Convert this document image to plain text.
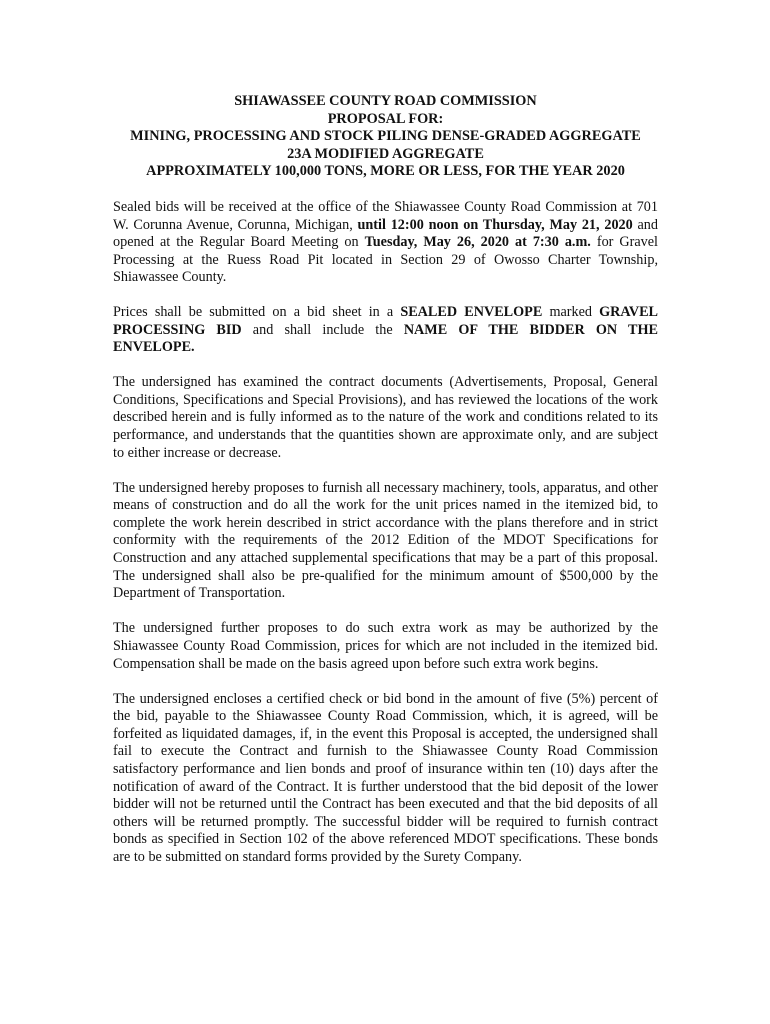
SHIAWASSEE COUNTY ROAD COMMISSION
PROPOSAL FOR:
MINING, PROCESSING AND STOCK PILING DENSE-GRADED AGGREGATE
23A MODIFIED AGGREGATE
APPROXIMATELY 100,000 TONS, MORE OR LESS, FOR THE YEAR 2020

Sealed bids will be received at the office of the Shiawassee County Road Commission at 701 W. Corunna Avenue, Corunna, Michigan, until 12:00 noon on Thursday, May 21, 2020 and opened at the Regular Board Meeting on Tuesday, May 26, 2020 at 7:30 a.m. for Gravel Processing at the Ruess Road Pit located in Section 29 of Owosso Charter Township, Shiawassee County.

Prices shall be submitted on a bid sheet in a SEALED ENVELOPE marked GRAVEL PROCESSING BID and shall include the NAME OF THE BIDDER ON THE ENVELOPE.

The undersigned has examined the contract documents (Advertisements, Proposal, General Conditions, Specifications and Special Provisions), and has reviewed the locations of the work described herein and is fully informed as to the nature of the work and conditions related to its performance, and understands that the quantities shown are approximate only, and are subject to either increase or decrease.

The undersigned hereby proposes to furnish all necessary machinery, tools, apparatus, and other means of construction and do all the work for the unit prices named in the itemized bid, to complete the work herein described in strict accordance with the plans therefore and in strict conformity with the requirements of the 2012 Edition of the MDOT Specifications for Construction and any attached supplemental specifications that may be a part of this proposal. The undersigned shall also be pre-qualified for the minimum amount of $500,000 by the Department of Transportation.

The undersigned further proposes to do such extra work as may be authorized by the Shiawassee County Road Commission, prices for which are not included in the itemized bid. Compensation shall be made on the basis agreed upon before such extra work begins.

The undersigned encloses a certified check or bid bond in the amount of five (5%) percent of the bid, payable to the Shiawassee County Road Commission, which, it is agreed, will be forfeited as liquidated damages, if, in the event this Proposal is accepted, the undersigned shall fail to execute the Contract and furnish to the Shiawassee County Road Commission satisfactory performance and lien bonds and proof of insurance within ten (10) days after the notification of award of the Contract. It is further understood that the bid deposit of the lower bidder will not be returned until the Contract has been executed and that the bid deposits of all others will be returned promptly. The successful bidder will be required to furnish contract bonds as specified in Section 102 of the above referenced MDOT specifications. These bonds are to be submitted on standard forms provided by the Surety Company.
